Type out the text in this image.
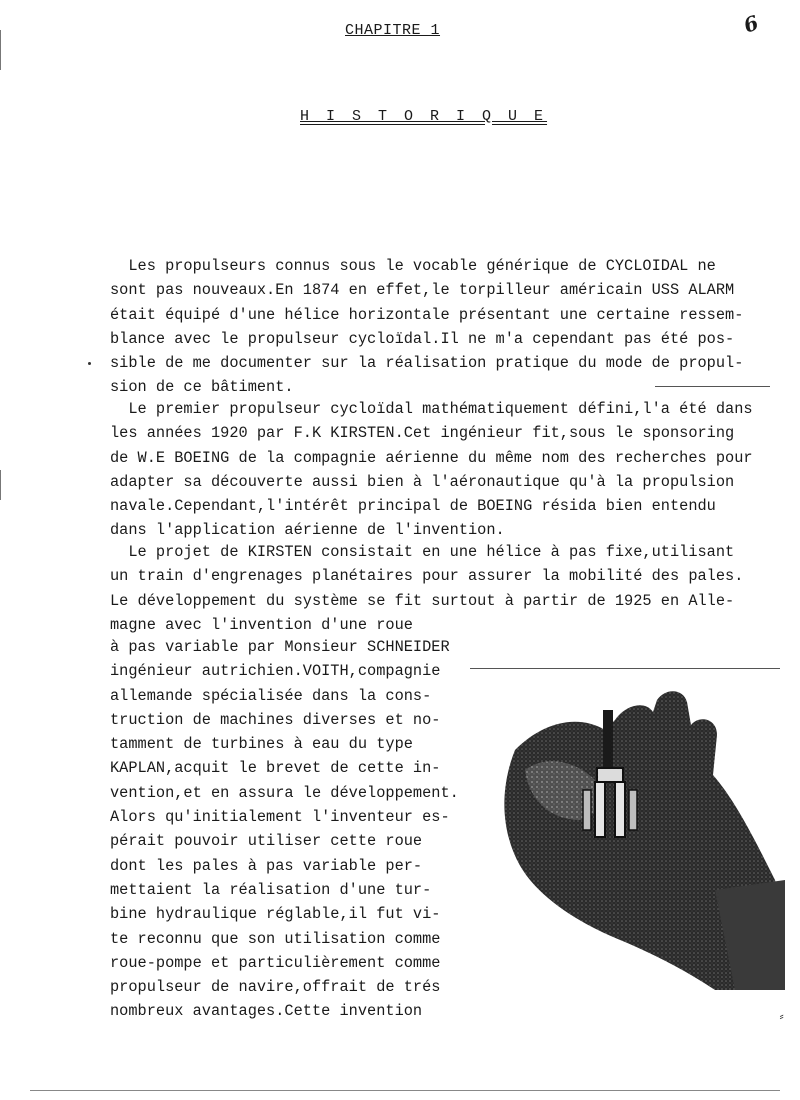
CHAPITRE 1	6
H I S T O R I Q U E

Les propulseurs connus sous le vocable générique de CYCLOIDAL ne
sont pas nouveaux.En 1874 en effet,le torpilleur américain USS ALARM
était équipé d'une hélice horizontale présentant une certaine ressem-
blance avec le propulseur cycloïdal.Il ne m'a cependant pas été pos-
sible de me documenter sur la réalisation pratique du mode de propul-
sion de ce bâtiment.

Le premier propulseur cycloïdal mathématiquement défini,l'a été dans
les années 1920 par F.K KIRSTEN.Cet ingénieur fit,sous le sponsoring
de W.E BOEING de la compagnie aérienne du même nom des recherches pour
adapter sa découverte aussi bien à l'aéronautique qu'à la propulsion
navale.Cependant,l'intérêt principal de BOEING résida bien entendu
dans l'application aérienne de l'invention.

Le projet de KIRSTEN consistait en une hélice à pas fixe,utilisant
un train d'engrenages planétaires pour assurer la mobilité des pales.
Le développement du système se fit surtout à partir de 1925 en Alle-
magne avec l'invention d'une roue

à pas variable par Monsieur SCHNEIDER
ingénieur autrichien.VOITH,compagnie
allemande spécialisée dans la cons-
truction de machines diverses et no-
tamment de turbines à eau du type
KAPLAN,acquit le brevet de cette in-
vention,et en assura le développement.
Alors qu'initialement l'inventeur es-
pérait pouvoir utiliser cette roue
dont les pales à pas variable per-
mettaient la réalisation d'une tur-
bine hydraulique réglable,il fut vi-
te reconnu que son utilisation comme
roue-pompe et particulièrement comme
propulseur de navire,offrait de trés
nombreux avantages.Cette invention	⸗
